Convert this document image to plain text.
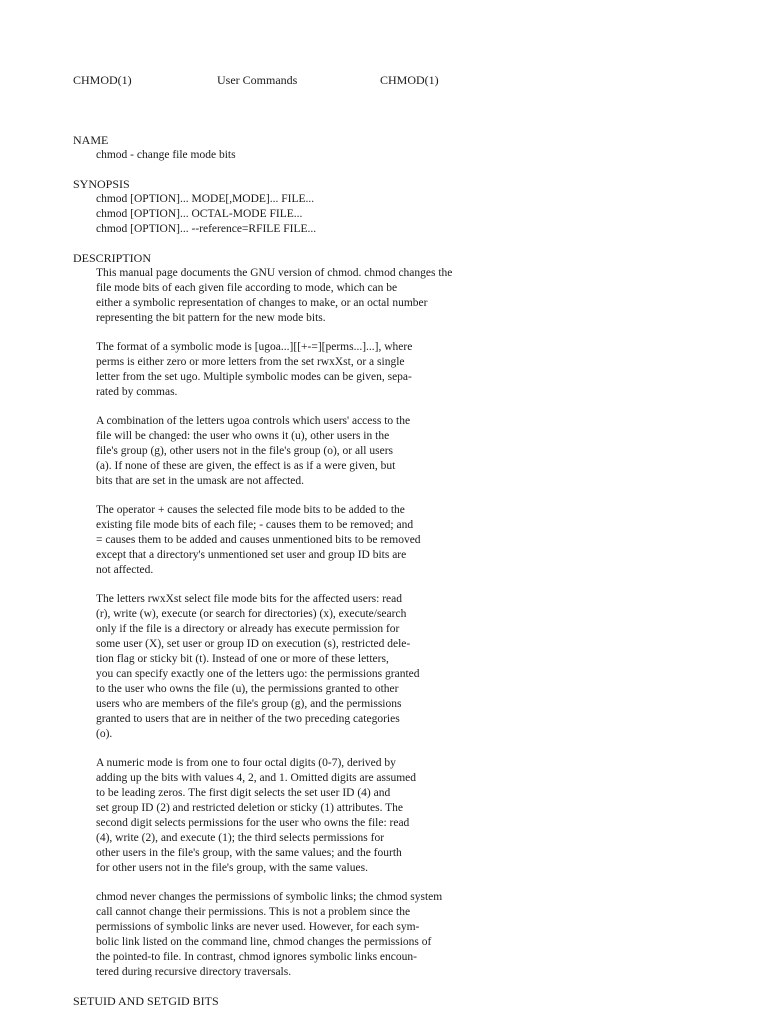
CHMOD(1)	User Commands	CHMOD(1)
NAME
chmod - change file mode bits
SYNOPSIS
chmod [OPTION]... MODE[,MODE]... FILE...
chmod [OPTION]... OCTAL-MODE FILE...
chmod [OPTION]... --reference=RFILE FILE...
DESCRIPTION
This manual page documents the GNU version of chmod. chmod changes the
file mode bits of each given file according to mode, which can be
either a symbolic representation of changes to make, or an octal number
representing the bit pattern for the new mode bits.
The format of a symbolic mode is [ugoa...][[+-=][perms...]...], where
perms is either zero or more letters from the set rwxXst, or a single
letter from the set ugo. Multiple symbolic modes can be given, sepa-
rated by commas.
A combination of the letters ugoa controls which users' access to the
file will be changed: the user who owns it (u), other users in the
file's group (g), other users not in the file's group (o), or all users
(a). If none of these are given, the effect is as if a were given, but
bits that are set in the umask are not affected.
The operator + causes the selected file mode bits to be added to the
existing file mode bits of each file; - causes them to be removed; and
= causes them to be added and causes unmentioned bits to be removed
except that a directory's unmentioned set user and group ID bits are
not affected.
The letters rwxXst select file mode bits for the affected users: read
(r), write (w), execute (or search for directories) (x), execute/search
only if the file is a directory or already has execute permission for
some user (X), set user or group ID on execution (s), restricted dele-
tion flag or sticky bit (t). Instead of one or more of these letters,
you can specify exactly one of the letters ugo: the permissions granted
to the user who owns the file (u), the permissions granted to other
users who are members of the file's group (g), and the permissions
granted to users that are in neither of the two preceding categories
(o).
A numeric mode is from one to four octal digits (0-7), derived by
adding up the bits with values 4, 2, and 1. Omitted digits are assumed
to be leading zeros. The first digit selects the set user ID (4) and
set group ID (2) and restricted deletion or sticky (1) attributes. The
second digit selects permissions for the user who owns the file: read
(4), write (2), and execute (1); the third selects permissions for
other users in the file's group, with the same values; and the fourth
for other users not in the file's group, with the same values.
chmod never changes the permissions of symbolic links; the chmod system
call cannot change their permissions. This is not a problem since the
permissions of symbolic links are never used. However, for each sym-
bolic link listed on the command line, chmod changes the permissions of
the pointed-to file. In contrast, chmod ignores symbolic links encoun-
tered during recursive directory traversals.
SETUID AND SETGID BITS
